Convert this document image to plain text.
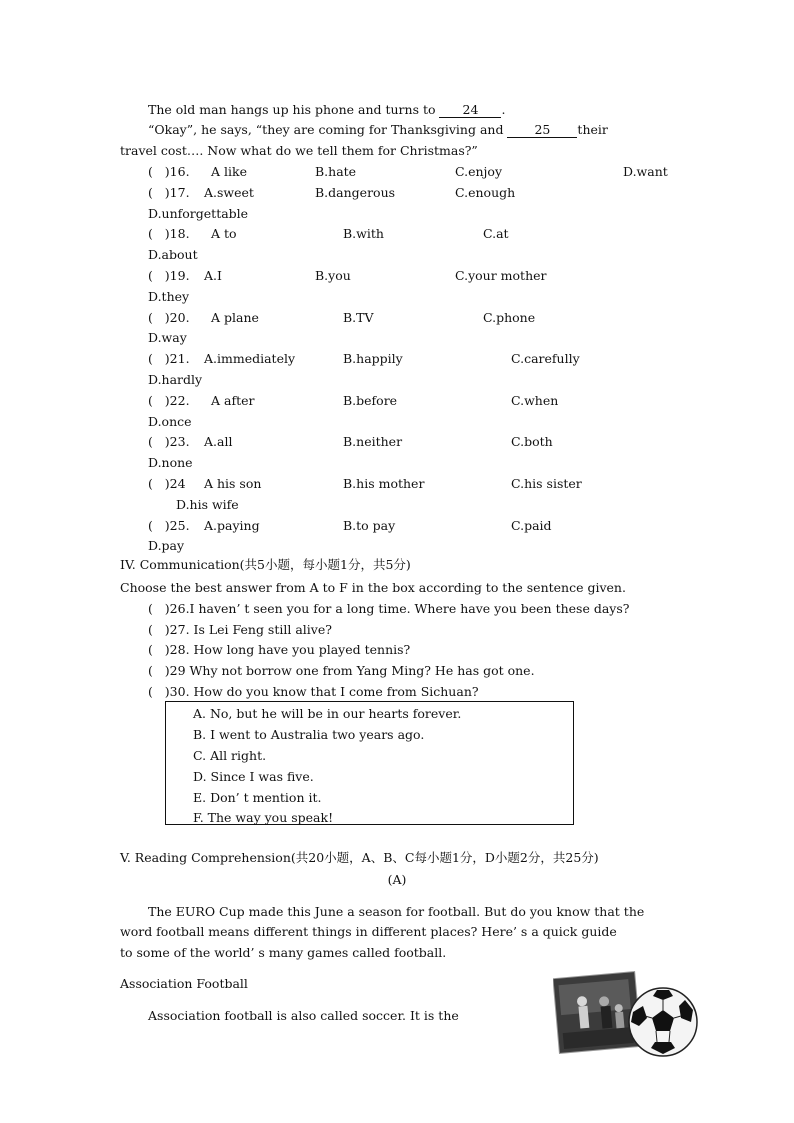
The old man hangs up his phone and turns to 24 .
“Okay”, he says, “they are coming for Thanksgiving and 25 their
travel cost…. Now what do we tell them for Christmas?”
(   )16. A like	B.hate	C.enjoy	D.want
(   )17. A.sweet	B.dangerous	C.enough
D.unforgettable
(   )18. A to	B.with	C.at
D.about
(   )19. A.I	B.you	C.your mother
D.they
(   )20. A plane	B.TV	C.phone
D.way
(   )21. A.immediately	B.happily	C.carefully
D.hardly
(   )22. A after	B.before	C.when
D.once
(   )23. A.all	B.neither	C.both
D.none
(   )24 A his son	B.his mother	C.his sister
D.his wife
(   )25. A.paying	B.to pay	C.paid
D.pay
IV. Communication(共5小题，每小题1分，共5分)
Choose the best answer from A to F in the box according to the sentence given.
(   )26.I haven’ t seen you for a long time. Where have you been these days?
(   )27. Is Lei Feng still alive?
(   )28. How long have you played tennis?
(   )29 Why not borrow one from Yang Ming? He has got one.
(   )30. How do you know that I come from Sichuan?
A. No, but he will be in our hearts forever.
B. I went to Australia two years ago.
C. All right.
D. Since I was five.
E. Don’ t mention it.
F. The way you speak!
V. Reading Comprehension(共20小题，A、B、C每小题1分，D小题2分，共25分)
(A)
The EURO Cup made this June a season for football. But do you know that the
word football means different things in different places? Here’ s a quick guide
to some of the world’ s many games called football.
Association Football
Association football is also called soccer. It is the
